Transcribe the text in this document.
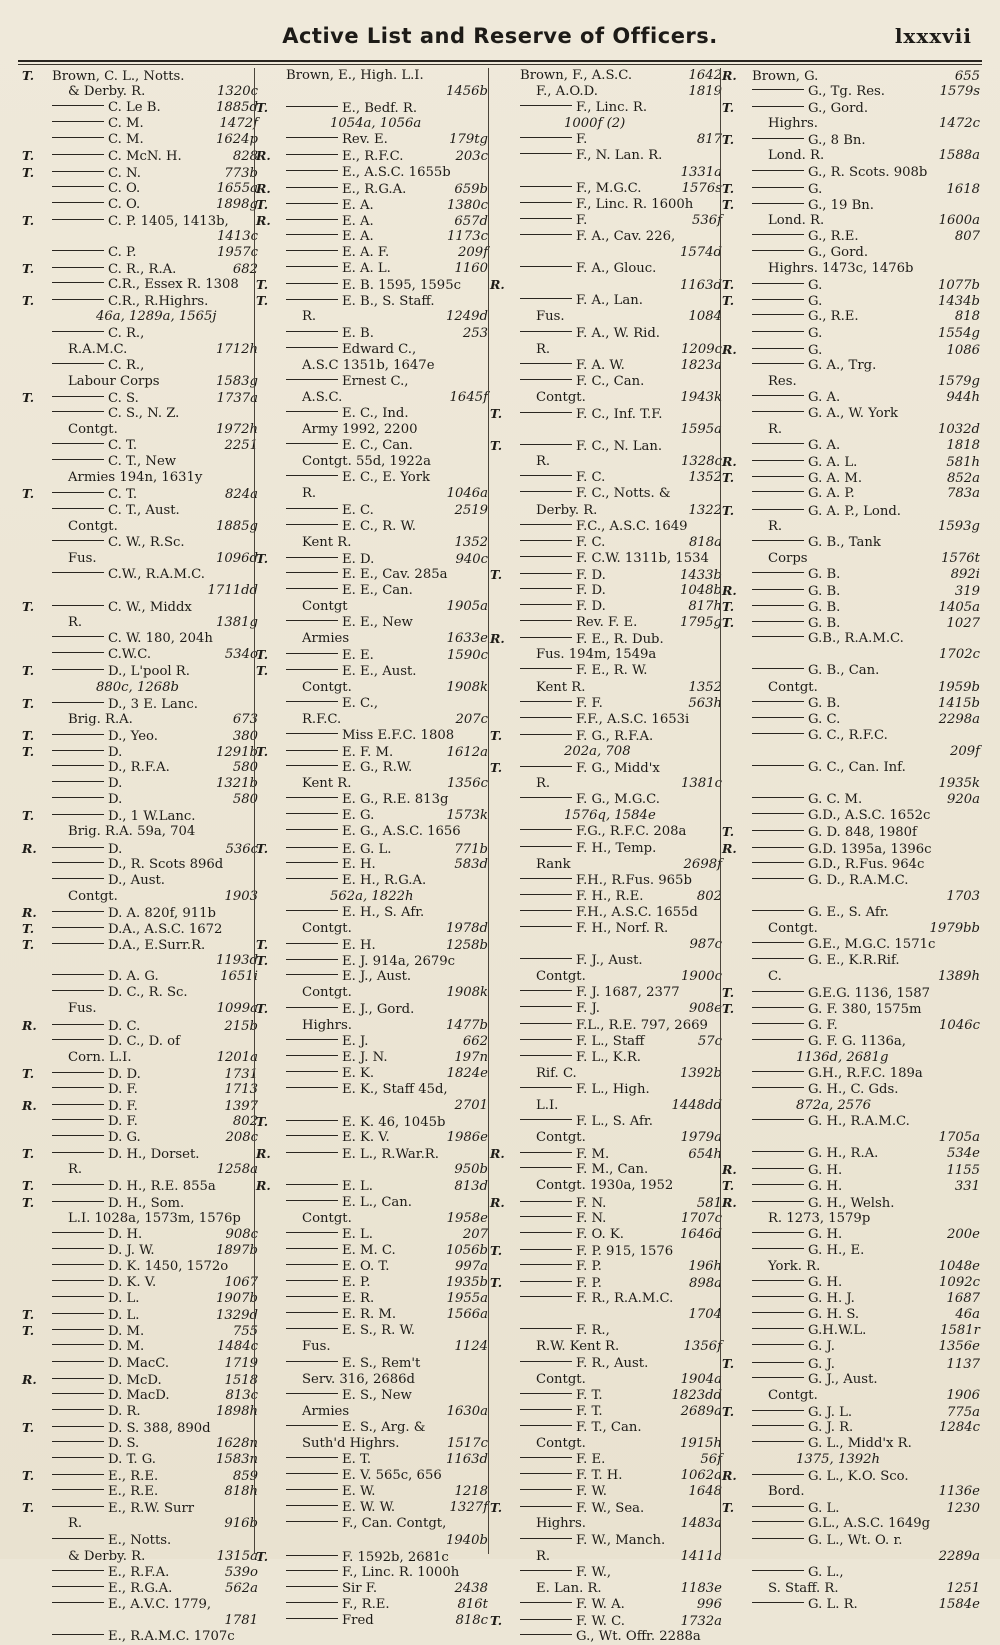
Active List and Reserve of Officers.	lxxxvii
T.	Brown, C. L., Notts.
& Derby. R.	1320c
C. Le B.	1885d
C. M.	1472f
C. M.	1624p
T.	C. McN. H.	828
T.	C. N.	773b
C. O.	1655a
C. O.	1898g
T.	C. P. 1405, 1413b,
1413c
C. P.	1957c
T.	C. R., R.A.	682
C.R., Essex R. 1308
T.	C.R., R.Highrs.
46a, 1289a, 1565j
C. R.,
R.A.M.C.	1712h
C. R.,
Labour Corps	1583g
T.	C. S.	1737a
C. S., N. Z.
Contgt.	1972h
C. T.	2251
C. T., New
Armies 194n, 1631y
T.	C. T.	824a
C. T., Aust.
Contgt.	1885g
C. W., R.Sc.
Fus.	1096d
C.W., R.A.M.C.
1711dd
T.	C. W., Middx
R.	1381g
C. W. 180, 204h
C.W.C.	534o
T.	D., L'pool R.
880c, 1268b
T.	D., 3 E. Lanc.
Brig. R.A.	673
T.	D., Yeo.	380
T.	D.	1291b
D., R.F.A.	580
D.	1321b
D.	580
T.	D., 1 W.Lanc.
Brig. R.A. 59a, 704
R.	D.	536c
D., R. Scots 896d
D., Aust.
Contgt.	1903
R.	D. A. 820f, 911b
T.	D.A., A.S.C. 1672
T.	D.A., E.Surr.R.
1193d
D. A. G.	1651i
D. C., R. Sc.
Fus.	1099a
R.	D. C.	215b
D. C., D. of
Corn. L.I.	1201a
T.	D. D.	1731
D. F.	1713
R.	D. F.	1397
D. F.	802
D. G.	208c
T.	D. H., Dorset.
R.	1258a
T.	D. H., R.E. 855a
T.	D. H., Som.
L.I. 1028a, 1573m, 1576p
D. H.	908c
D. J. W.	1897b
D. K. 1450, 1572o
D. K. V.	1067
D. L.	1907b
T.	D. L.	1329d
T.	D. M.	755
D. M.	1484c
D. MacC.	1719
R.	D. McD.	1518
D. MacD.	813c
D. R.	1898h
T.	D. S. 388, 890d
D. S.	1628n
D. T. G.	1583n
T.	E., R.E.	859
E., R.E.	818h
T.	E., R.W. Surr
R.	916b
E., Notts.
& Derby. R.	1315a
E., R.F.A.	539o
E., R.G.A.	562a
E., A.V.C. 1779,
1781
E., R.A.M.C. 1707c
Brown, E., High. L.I.
1456b
T.	E., Bedf. R.
1054a, 1056a
Rev. E.	179tg
R.	E., R.F.C.	203c
E., A.S.C. 1655b
R.	E., R.G.A.	659b
T.	E. A.	1380c
R.	E. A.	657d
E. A.	1173c
E. A. F.	209f
E. A. L.	1160
T.	E. B. 1595, 1595c
T.	E. B., S. Staff.
R.	1249d
E. B.	253
Edward C.,
A.S.C 1351b, 1647e
Ernest C.,
A.S.C.	1645f
E. C., Ind.
Army 1992, 2200
E. C., Can.
Contgt. 55d, 1922a
E. C., E. York
R.	1046a
E. C.	2519
E. C., R. W.
Kent R.	1352
T.	E. D.	940c
E. E., Cav. 285a
E. E., Can.
Contgt	1905a
E. E., New
Armies	1633e
T.	E. E.	1590c
T.	E. E., Aust.
Contgt.	1908k
E. C.,
R.F.C.	207c
Miss E.F.C. 1808
T.	E. F. M.	1612a
E. G., R.W.
Kent R.	1356c
E. G., R.E. 813g
E. G.	1573k
E. G., A.S.C. 1656
T.	E. G. L.	771b
E. H.	583d
E. H., R.G.A.
562a, 1822h
E. H., S. Afr.
Contgt.	1978d
T.	E. H.	1258b
T.	E. J. 914a, 2679c
E. J., Aust.
Contgt.	1908k
T.	E. J., Gord.
Highrs.	1477b
E. J.	662
E. J. N.	197n
E. K.	1824e
E. K., Staff 45d,
2701
T.	E. K. 46, 1045b
E. K. V.	1986e
R.	E. L., R.War.R.
950b
R.	E. L.	813d
E. L., Can.
Contgt.	1958e
E. L.	207
E. M. C.	1056b
E. O. T.	997a
E. P.	1935b
E. R.	1955a
E. R. M.	1566a
E. S., R. W.
Fus.	1124
E. S., Rem't
Serv. 316, 2686d
E. S., New
Armies	1630a
E. S., Arg. &
Suth'd Highrs.	1517c
E. T.	1163d
E. V. 565c, 656
E. W.	1218
E. W. W.	1327f
F., Can. Contgt,
1940b
T.	F. 1592b, 2681c
F., Linc. R. 1000h
Sir F.	2438
F., R.E.	816t
Fred	818c
Brown, F., A.S.C.	1642
F., A.O.D.	1819
F., Linc. R.
1000f (2)
F.	817
F., N. Lan. R.
1331a
F., M.G.C.	1576s
F., Linc. R. 1600h
F.	536f
F. A., Cav. 226,
1574d
F. A., Glouc.
R.	1163d
F. A., Lan.
Fus.	1084
F. A., W. Rid.
R.	1209c
F. A. W.	1823a
F. C., Can.
Contgt.	1943k
T.	F. C., Inf. T.F.
1595a
T.	F. C., N. Lan.
R.	1328c
F. C.	1352
F. C., Notts. &
Derby. R.	1322
F.C., A.S.C. 1649
F. C.	818a
F. C.W. 1311b, 1534
T.	F. D.	1433b
F. D.	1048b
F. D.	817h
Rev. F. E.	1795g
R.	F. E., R. Dub.
Fus. 194m, 1549a
F. E., R. W.
Kent R.	1352
F. F.	563h
F.F., A.S.C. 1653i
T.	F. G., R.F.A.
202a, 708
T.	F. G., Midd'x
R.	1381c
F. G., M.G.C.
1576q, 1584e
F.G., R.F.C. 208a
F. H., Temp.
Rank	2698f
F.H., R.Fus. 965b
F. H., R.E.	802
F.H., A.S.C. 1655d
F. H., Norf. R.
987c
F. J., Aust.
Contgt.	1900c
F. J. 1687, 2377
F. J.	908e
F.L., R.E. 797, 2669
F. L., Staff	57c
F. L., K.R.
Rif. C.	1392b
F. L., High.
L.I.	1448dd
F. L., S. Afr.
Contgt.	1979a
R.	F. M.	654h
F. M., Can.
Contgt. 1930a, 1952
R.	F. N.	581
F. N.	1707c
F. O. K.	1646d
T.	F. P. 915, 1576
F. P.	196h
T.	F. P.	898a
F. R., R.A.M.C.
1704
F. R.,
R.W. Kent R.	1356f
F. R., Aust.
Contgt.	1904a
F. T.	1823dd
F. T.	2689a
F. T., Can.
Contgt.	1915h
F. E.	56f
F. T. H.	1062a
F. W.	1648
T.	F. W., Sea.
Highrs.	1483a
F. W., Manch.
R.	1411a
F. W.,
E. Lan. R.	1183e
F. W. A.	996
T.	F. W. C.	1732a
G., Wt. Offr. 2288a
R.	Brown, G.	655
G., Tg. Res.	1579s
T.	G., Gord.
Highrs.	1472c
T.	G., 8 Bn.
Lond. R.	1588a
G., R. Scots. 908b
T.	G.	1618
T.	G., 19 Bn.
Lond. R.	1600a
G., R.E.	807
G., Gord.
Highrs. 1473c, 1476b
T.	G.	1077b
T.	G.	1434b
G., R.E.	818
G.	1554g
R.	G.	1086
G. A., Trg.
Res.	1579g
G. A.	944h
G. A., W. York
R.	1032d
G. A.	1818
R.	G. A. L.	581h
T.	G. A. M.	852a
G. A. P.	783a
T.	G. A. P., Lond.
R.	1593g
G. B., Tank
Corps	1576t
G. B.	892i
R.	G. B.	319
T.	G. B.	1405a
T.	G. B.	1027
G.B., R.A.M.C.
1702c
G. B., Can.
Contgt.	1959b
G. B.	1415b
G. C.	2298a
G. C., R.F.C.
209f
G. C., Can. Inf.
1935k
G. C. M.	920a
G.D., A.S.C. 1652c
T.	G. D. 848, 1980f
R.	G.D. 1395a, 1396c
G.D., R.Fus. 964c
G. D., R.A.M.C.
1703
G. E., S. Afr.
Contgt.	1979bb
G.E., M.G.C. 1571c
G. E., K.R.Rif.
C.	1389h
T.	G.E.G. 1136, 1587
T.	G. F. 380, 1575m
G. F.	1046c
G. F. G. 1136a,
1136d, 2681g
G.H., R.F.C. 189a
G. H., C. Gds.
872a, 2576
G. H., R.A.M.C.
1705a
G. H., R.A.	534e
R.	G. H.	1155
T.	G. H.	331
R.	G. H., Welsh.
R. 1273, 1579p
G. H.	200e
G. H., E.
York. R.	1048e
G. H.	1092c
G. H. J.	1687
G. H. S.	46a
G.H.W.L.	1581r
G. J.	1356e
T.	G. J.	1137
G. J., Aust.
Contgt.	1906
T.	G. J. L.	775a
G. J. R.	1284c
G. L., Midd'x R.
1375, 1392h
R.	G. L., K.O. Sco.
Bord.	1136e
T.	G. L.	1230
G.L., A.S.C. 1649g
G. L., Wt. O. r.
2289a
G. L.,
S. Staff. R.	1251
G. L. R.	1584e
